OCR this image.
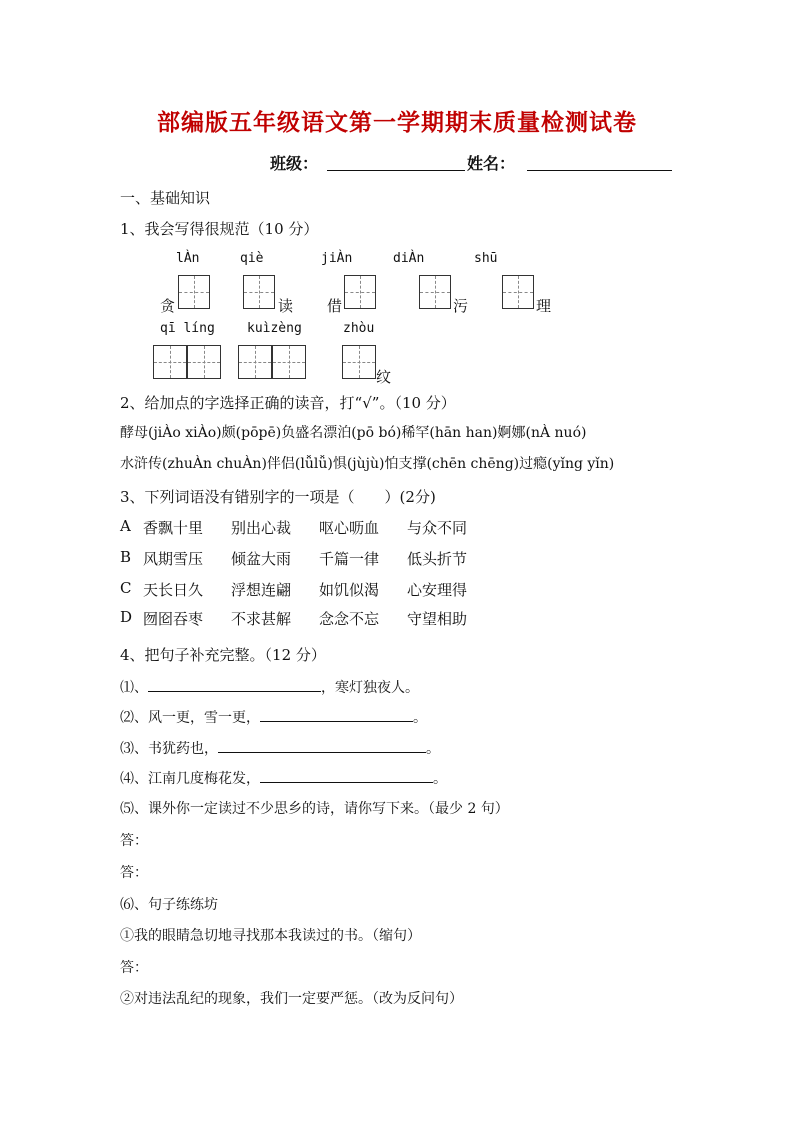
部编版五年级语文第一学期期末质量检测试卷
班级：	姓名：
一、基础知识
1、我会写得很规范（10 分）
lÀn	qiè	jiÀn	diÀn	shū
贪	读 借	污	理
qī líng kuìzèng	zhòu
纹
2、给加点的字选择正确的读音，打“√”。（10 分）
酵母(jiÀo xiÀo)颇(pōpē)负盛名漂泊(pō bó)稀罕(hān han)婀娜(nÀ nuó)
水浒传(zhuÀn chuÀn)伴侣(lǚlǚ)惧(jùjù)怕支撑(chēn chēng)过瘾(yǐng yǐn)
3、下列词语没有错别字的一项是（　　）(2分)
A 香飘十里 别出心裁 呕心呖血 与众不同
B 风期雪压 倾盆大雨 千篇一律 低头折节
C 天长日久 浮想连翩 如饥似渴 心安理得
D 囫囵吞枣 不求甚解 念念不忘 守望相助
4、把句子补充完整。（12 分）
⑴、	，寒灯独夜人。
⑵、风一更，雪一更，	。
⑶、书犹药也，	。
⑷、江南几度梅花发，	。
⑸、课外你一定读过不少思乡的诗，请你写下来。（最少 2 句）
答：
答：
⑹、句子练练坊
①我的眼睛急切地寻找那本我读过的书。（缩句）
答：
②对违法乱纪的现象，我们一定要严惩。（改为反问句）
